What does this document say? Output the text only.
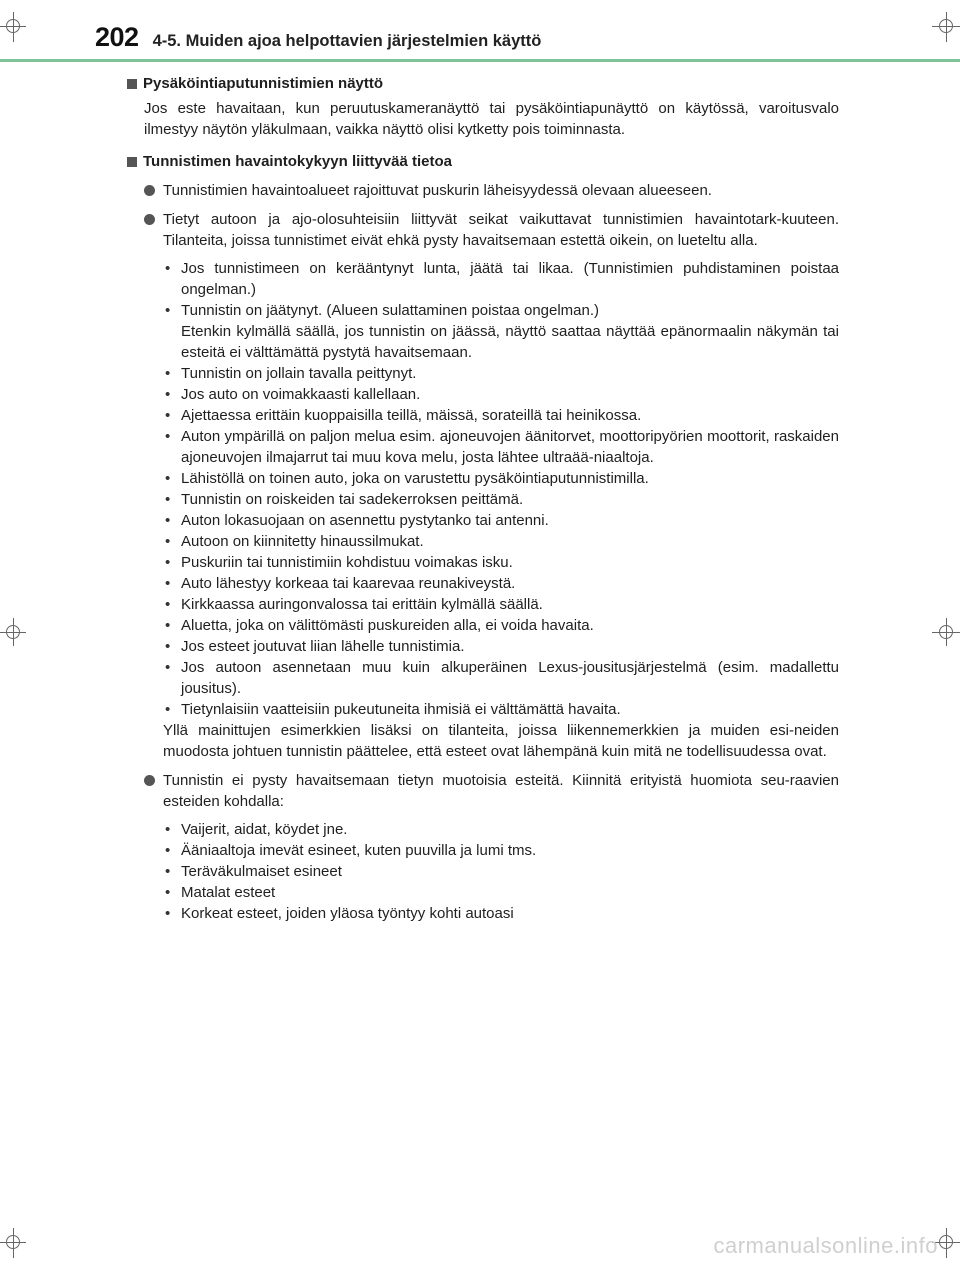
202 4-5. Muiden ajoa helpottavien järjestelmien käyttö
Pysäköintiaputunnistimien näyttö

Jos este havaitaan, kun peruutuskameranäyttö tai pysäköintiapunäyttö on käytössä, varoitusvalo ilmestyy näytön yläkulmaan, vaikka näyttö olisi kytketty pois toiminnasta.

Tunnistimen havaintokykyyn liittyvää tietoa
Tunnistimien havaintoalueet rajoittuvat puskurin läheisyydessä olevaan alueeseen.
Tietyt autoon ja ajo-olosuhteisiin liittyvät seikat vaikuttavat tunnistimien havaintotark-kuuteen. Tilanteita, joissa tunnistimet eivät ehkä pysty havaitsemaan estettä oikein, on lueteltu alla.
• Jos tunnistimeen on kerääntynyt lunta, jäätä tai likaa. (Tunnistimien puhdistaminen poistaa ongelman.)
• Tunnistin on jäätynyt. (Alueen sulattaminen poistaa ongelman.)
Etenkin kylmällä säällä, jos tunnistin on jäässä, näyttö saattaa näyttää epänormaalin näkymän tai esteitä ei välttämättä pystytä havaitsemaan.
• Tunnistin on jollain tavalla peittynyt.
• Jos auto on voimakkaasti kallellaan.
• Ajettaessa erittäin kuoppaisilla teillä, mäissä, sorateillä tai heinikossa.
• Auton ympärillä on paljon melua esim. ajoneuvojen äänitorvet, moottoripyörien moottorit, raskaiden ajoneuvojen ilmajarrut tai muu kova melu, josta lähtee ultraää-niaaltoja.
• Lähistöllä on toinen auto, joka on varustettu pysäköintiaputunnistimilla.
• Tunnistin on roiskeiden tai sadekerroksen peittämä.
• Auton lokasuojaan on asennettu pystytanko tai antenni.
• Autoon on kiinnitetty hinaussilmukat.
• Puskuriin tai tunnistimiin kohdistuu voimakas isku.
• Auto lähestyy korkeaa tai kaarevaa reunakiveystä.
• Kirkkaassa auringonvalossa tai erittäin kylmällä säällä.
• Aluetta, joka on välittömästi puskureiden alla, ei voida havaita.
• Jos esteet joutuvat liian lähelle tunnistimia.
• Jos autoon asennetaan muu kuin alkuperäinen Lexus-jousitusjärjestelmä (esim. madallettu jousitus).
• Tietynlaisiin vaatteisiin pukeutuneita ihmisiä ei välttämättä havaita.

Yllä mainittujen esimerkkien lisäksi on tilanteita, joissa liikennemerkkien ja muiden esi-neiden muodosta johtuen tunnistin päättelee, että esteet ovat lähempänä kuin mitä ne todellisuudessa ovat.

Tunnistin ei pysty havaitsemaan tietyn muotoisia esteitä. Kiinnitä erityistä huomiota seu-raavien esteiden kohdalla:
• Vaijerit, aidat, köydet jne.
• Ääniaaltoja imevät esineet, kuten puuvilla ja lumi tms.
• Teräväkulmaiset esineet
• Matalat esteet
• Korkeat esteet, joiden yläosa työntyy kohti autoasi
carmanualsonline.info
